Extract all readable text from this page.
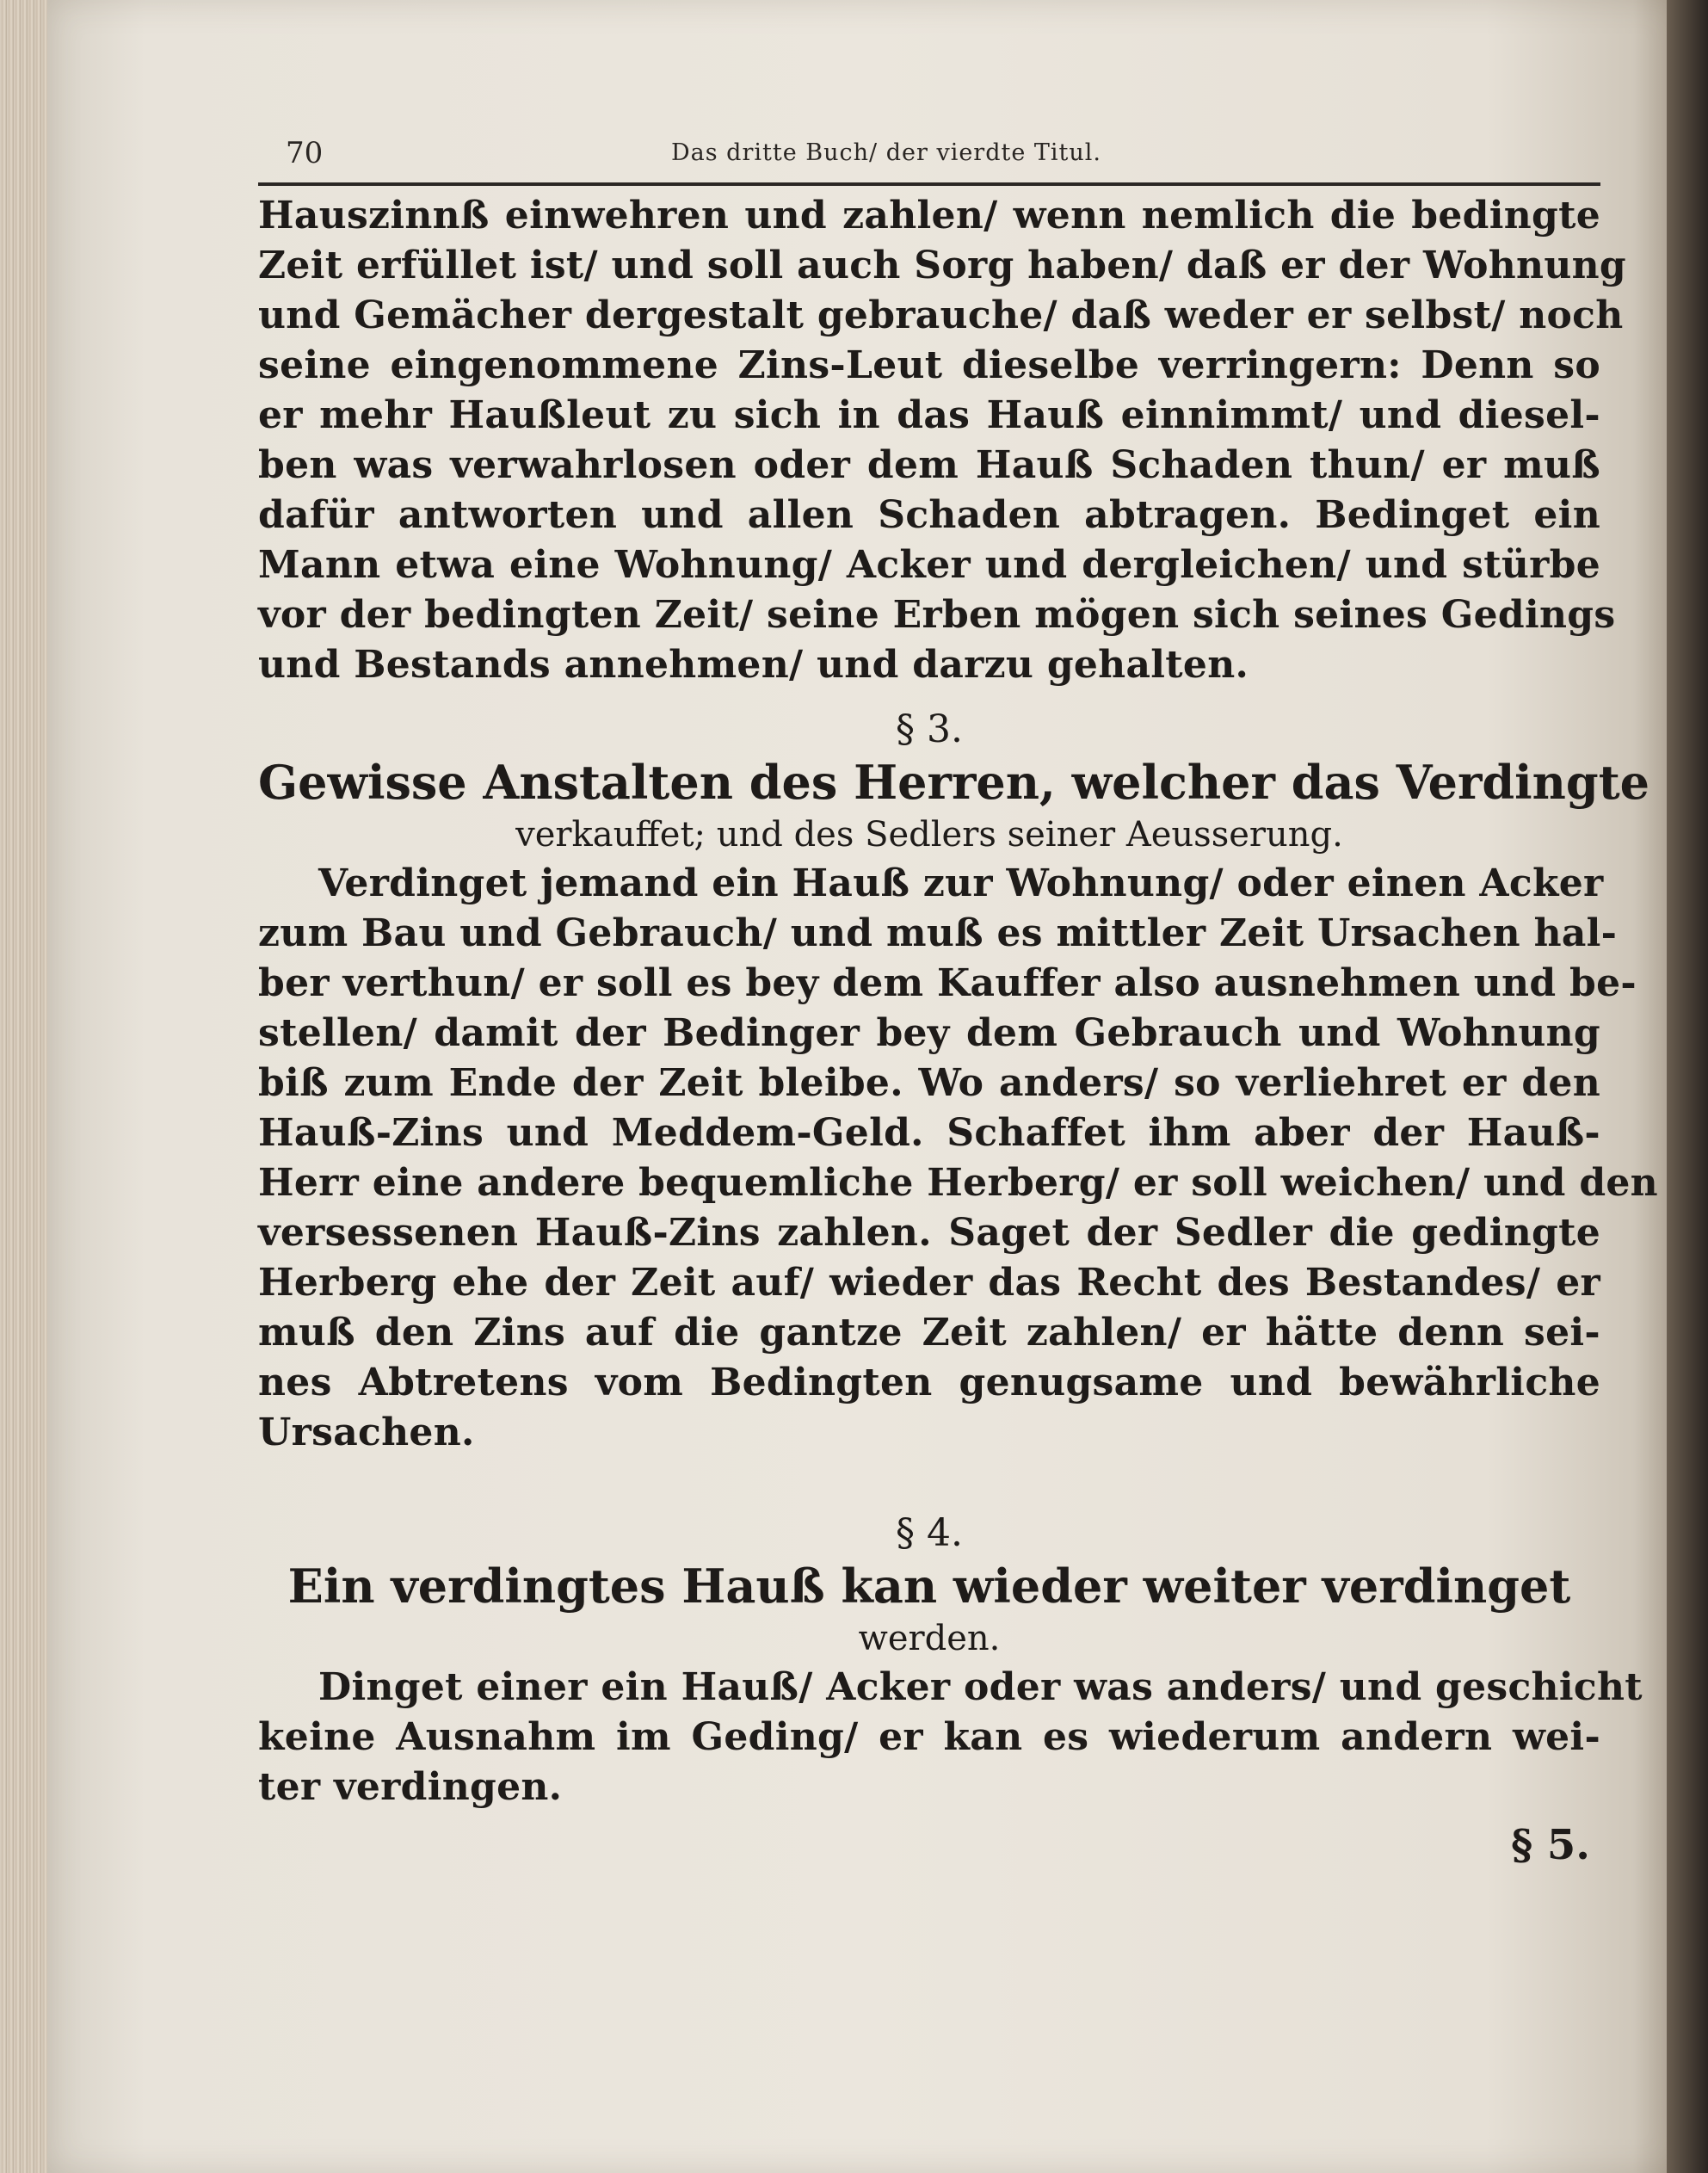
70	Das dritte Buch/ der vierdte Titul.
Hauszinnß einwehren und zahlen/ wenn nemlich die bedingte
Zeit erfüllet ist/ und soll auch Sorg haben/ daß er der Wohnung
und Gemächer dergestalt gebrauche/ daß weder er selbst/ noch
seine eingenommene Zins-Leut dieselbe verringern: Denn so
er mehr Haußleut zu sich in das Hauß einnimmt/ und diesel-
ben was verwahrlosen oder dem Hauß Schaden thun/ er muß
dafür antworten und allen Schaden abtragen. Bedinget ein
Mann etwa eine Wohnung/ Acker und dergleichen/ und stürbe
vor der bedingten Zeit/ seine Erben mögen sich seines Gedings
und Bestands annehmen/ und darzu gehalten.
§ 3.
Gewisse Anstalten des Herren, welcher das Verdingte
verkauffet; und des Sedlers seiner Aeusserung.
Verdinget jemand ein Hauß zur Wohnung/ oder einen Acker
zum Bau und Gebrauch/ und muß es mittler Zeit Ursachen hal-
ber verthun/ er soll es bey dem Kauffer also ausnehmen und be-
stellen/ damit der Bedinger bey dem Gebrauch und Wohnung
biß zum Ende der Zeit bleibe. Wo anders/ so verliehret er den
Hauß-Zins und Meddem-Geld. Schaffet ihm aber der Hauß-
Herr eine andere bequemliche Herberg/ er soll weichen/ und den
versessenen Hauß-Zins zahlen. Saget der Sedler die gedingte
Herberg ehe der Zeit auf/ wieder das Recht des Bestandes/ er
muß den Zins auf die gantze Zeit zahlen/ er hätte denn sei-
nes Abtretens vom Bedingten genugsame und bewährliche
Ursachen.
§ 4.
Ein verdingtes Hauß kan wieder weiter verdinget
werden.
Dinget einer ein Hauß/ Acker oder was anders/ und geschicht
keine Ausnahm im Geding/ er kan es wiederum andern wei-
ter verdingen.
§ 5.
